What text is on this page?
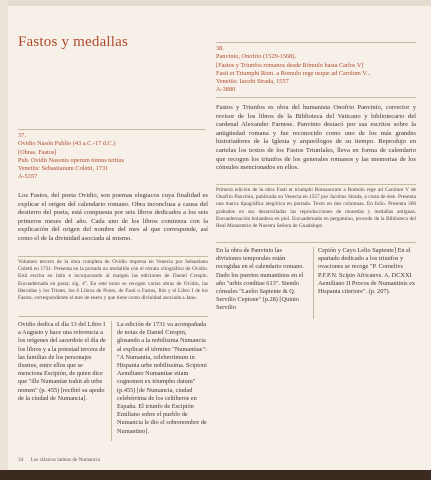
Fastos y medallas	38.
Panvinio, Onofrio (1529-1568).
[Fastos y Triunfos romanos desde Rómulo hasta Carlos V]
Fasti et Triumphi Rom. a Romulo rege usque ad Carolum V...
Venetiis: Iacobi Strada, 1557
A-3880
37.
Ovidio Nasón Publio (43 a.C.-17 d.C.)
[Obras. Fastos]
Pub. Ovidii Nasonis operum tomus tertius
Venetiis: Sebastianum Coletti, 1731
A-5357
Los Fastos, del poeta Ovidio, son poemas elegiacos cuya finalidad es explicar el origen del calendario romano. Obra inconclusa a causa del destierro del poeta, está compuesta por seis libros dedicados a los seis primeros meses del año. Cada uno de los libros comienza con la explicación del origen del nombre del mes al que corresponde, así como el de la divinidad asociada al mismo.
Fastos y Triunfos es obra del humanista Onofrio Panvinio, corrector y revisor de los libros de la Biblioteca del Vaticano y bibliotecario del cardenal Alexander Farnese. Panvinio destacó por sus escritos sobre la antigüedad romana y fue reconocido como uno de los más grandes historiadores de la Iglesia y arqueólogos de su tiempo. Reprodujo en cartelas los textos de los Fastos Triunfales, lleva en forma de calendario que recogen los triunfos de los generales romanos y las memorias de los cónsules mencionados en ellos.
Volumen tercero de la obra completa de Ovidio impresa en Venecia por Sebastiano Coletti en 1731. Presenta en la portada un medallón con el retrato xilográfico de Ovidio. Está escrita en latín e incorporando al margen las ediciones de Daniel Crespin. Encuadernada en pasta; sig. 4°. En este tomo se recogen varias obras de Ovidio, las Heroidas y los Tristes, los 6 Libros de Ponto, de Fasti o Fastos, Ibis y el Libro I de los Fastos, correspondiente al mes de enero y que tiene como divinidad asociada a Jano.
Primera edición de la obra Fasti et triumphi Romanorum a Romulo rege ad Carolum V de Onofrio Panvinio, publicada en Venecia en 1557 por Jacobus Strada, a costa de éste. Presenta una marca tipográfica alegórica en portada. Texto en dos columnas. En folio. Presenta 366 grabados en sus desarrolladas las reproducciones de monedas y medallas antiguas. Encuadernación holandesa en piel. Encuadernada en pergamino, procede de la Biblioteca del Real Monasterio de Nuestra Señora de Guadalupe.
Ovidio dedica el día 13 del Libro I a Augusto y hace una referencia a los orígenes del sacerdote el día de los libros y a la potestad tercera de las familias de los personajes ilustres, entre ellos que se menciona Escipión, de quien dice que "ille Numantiæ trahit ab urbe nomen" (p. 455) [recibió su apodo de la ciudad de Numancia].
La edición de 1731 va acompañada de notas de Daniel Crespin, glosando a la nobilísima Numancia al explicar el término "Numantiae": "A Numantia, celeberrimum in Hispania urbe nobilissima. Scipioni Aemiliano Numantiae etiam cognomen ex triumpho datum" (p.455) [de Numancia, ciudad celebérrima de los celtíberos en España. El triunfo de Escipión Emiliano sobre el pueblo de Numancia le dio el sobrenombre de Numantino].
En la obra de Panvinio las divisiones temporales están recogidas en el calendario romano. Dado los puertos numantinos en el año "urbis conditae 613". Siendo cónsules "Laelio Sapiente & Q. Servilio Cepione" (p.28) [Quinto Servilio
Cepión y Cayo Lelio Sapiente] En el apartado dedicado a los triunfos y ovaciones se recoge "P. Cornelivs P.F.P.N. Scipio Africanvs. A. DCXXI Aemiliano II Procos de Numantinis ex Hispania citeriore". (p. 207).
34 Los clásicos latinos de Numancia
